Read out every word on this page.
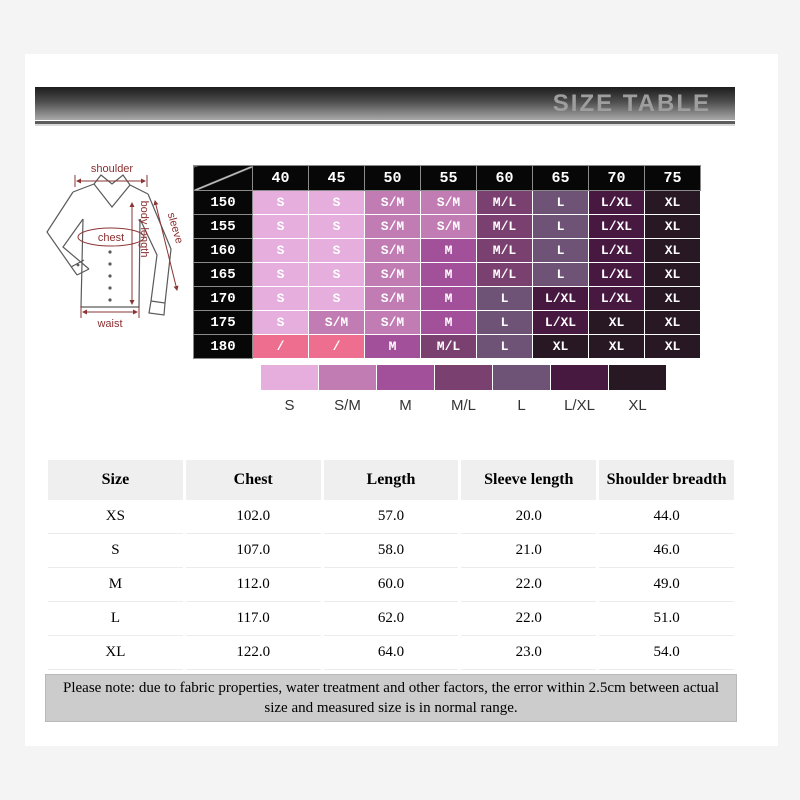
SIZE TABLE
shoulder
chest body length sleeve
waist
	40	45	50	55	60	65	70	75
150	S	S	S/M	S/M	M/L	L	L/XL	XL
155	S	S	S/M	S/M	M/L	L	L/XL	XL
160	S	S	S/M	M	M/L	L	L/XL	XL
165	S	S	S/M	M	M/L	L	L/XL	XL
170	S	S	S/M	M	L	L/XL	L/XL	XL
175	S	S/M	S/M	M	L	L/XL	XL	XL
180	/	/	M	M/L	L	XL	XL	XL
S	S/M	M	M/L	L	L/XL	XL
Size	Chest	Length	Sleeve length	Shoulder breadth
XS	102.0	57.0	20.0	44.0
S	107.0	58.0	21.0	46.0
M	112.0	60.0	22.0	49.0
L	117.0	62.0	22.0	51.0
XL	122.0	64.0	23.0	54.0
Please note: due to fabric properties, water treatment and other factors, the error within 2.5cm between actual size and measured size is in normal range.
